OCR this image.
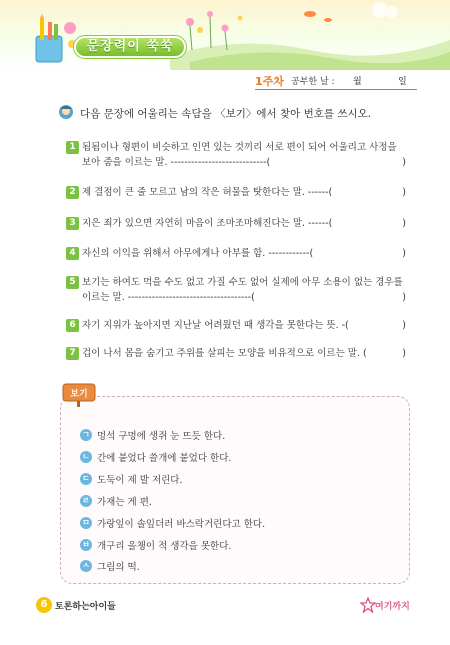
문장력이 쑥쑥
1주차 공부한 날 : 월	일
다음 문장에 어울리는 속담을 〈보기〉에서 찾아 번호를 쓰시오.
1 됨됨이나 형편이 비슷하고 인연 있는 것끼리 서로 편이 되어 어울리고 사정을
보아 줌을 이르는 말. ----------------------------(	)
2 제 결점이 큰 줄 모르고 남의 작은 허물을 탓한다는 말. ------(	)
3 지은 죄가 있으면 자연히 마음이 조마조마해진다는 말. ------(	)
4 자신의 이익을 위해서 아무에게나 아부를 함. ------------(	)
5 보기는 하여도 먹을 수도 없고 가질 수도 없어 실제에 아무 소용이 없는 경우를
이르는 말. ------------------------------------(	)
6 자기 지위가 높아지면 지난날 어려웠던 때 생각을 못한다는 뜻. -(	)
7 겁이 나서 몸을 숨기고 주위를 살피는 모양을 비유적으로 이르는 말. (	)
보기
ㄱ 멍석 구멍에 생쥐 눈 뜨듯 한다.
ㄴ 간에 붙었다 쓸개에 붙었다 한다.
ㄷ 도둑이 제 발 저린다.
ㄹ 가재는 게 편.
ㅁ 가랑잎이 솔잎더러 바스락거린다고 한다.
ㅂ 개구리 올챙이 적 생각을 못한다.
ㅅ 그림의 떡.
6 토론하는아이들	여기까지
